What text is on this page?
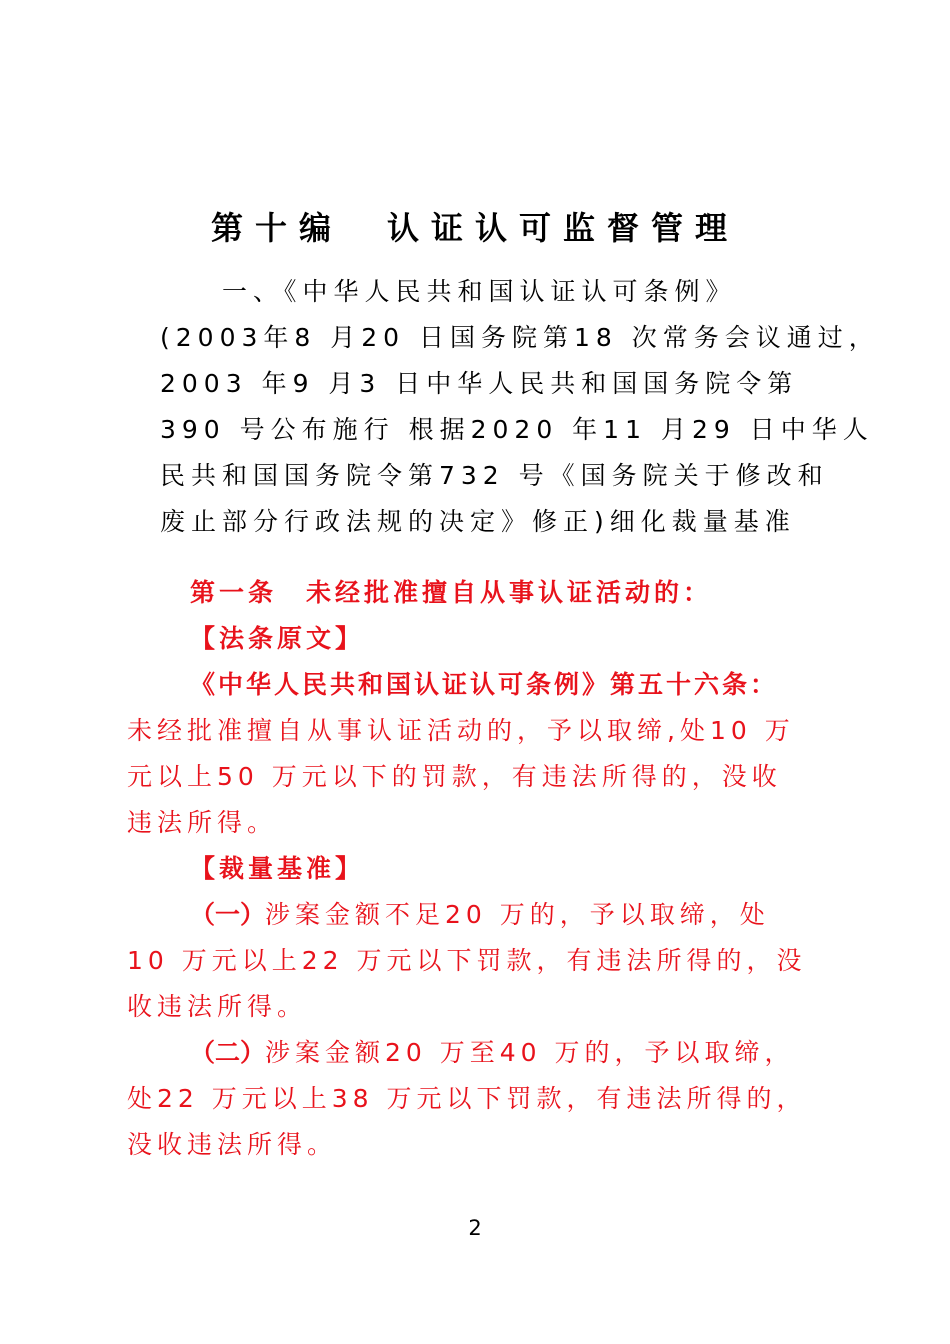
第十编　认证认可监督管理
　　一、《中华人民共和国认证认可条例》
(2003年8 月20 日国务院第18 次常务会议通过，
2003 年9 月3 日中华人民共和国国务院令第
390 号公布施行 根据2020 年11 月29 日中华人
民共和国国务院令第732 号《国务院关于修改和
废止部分行政法规的决定》修正)细化裁量基准
第一条　未经批准擅自从事认证活动的：
【法条原文】
《中华人民共和国认证认可条例》第五十六条：
未经批准擅自从事认证活动的，予以取缔,处10 万
元以上50 万元以下的罚款，有违法所得的，没收
违法所得。
【裁量基准】
（一）涉案金额不足20 万的，予以取缔，处
10 万元以上22 万元以下罚款，有违法所得的，没
收违法所得。
（二）涉案金额20 万至40 万的，予以取缔，
处22 万元以上38 万元以下罚款，有违法所得的，
没收违法所得。
2
